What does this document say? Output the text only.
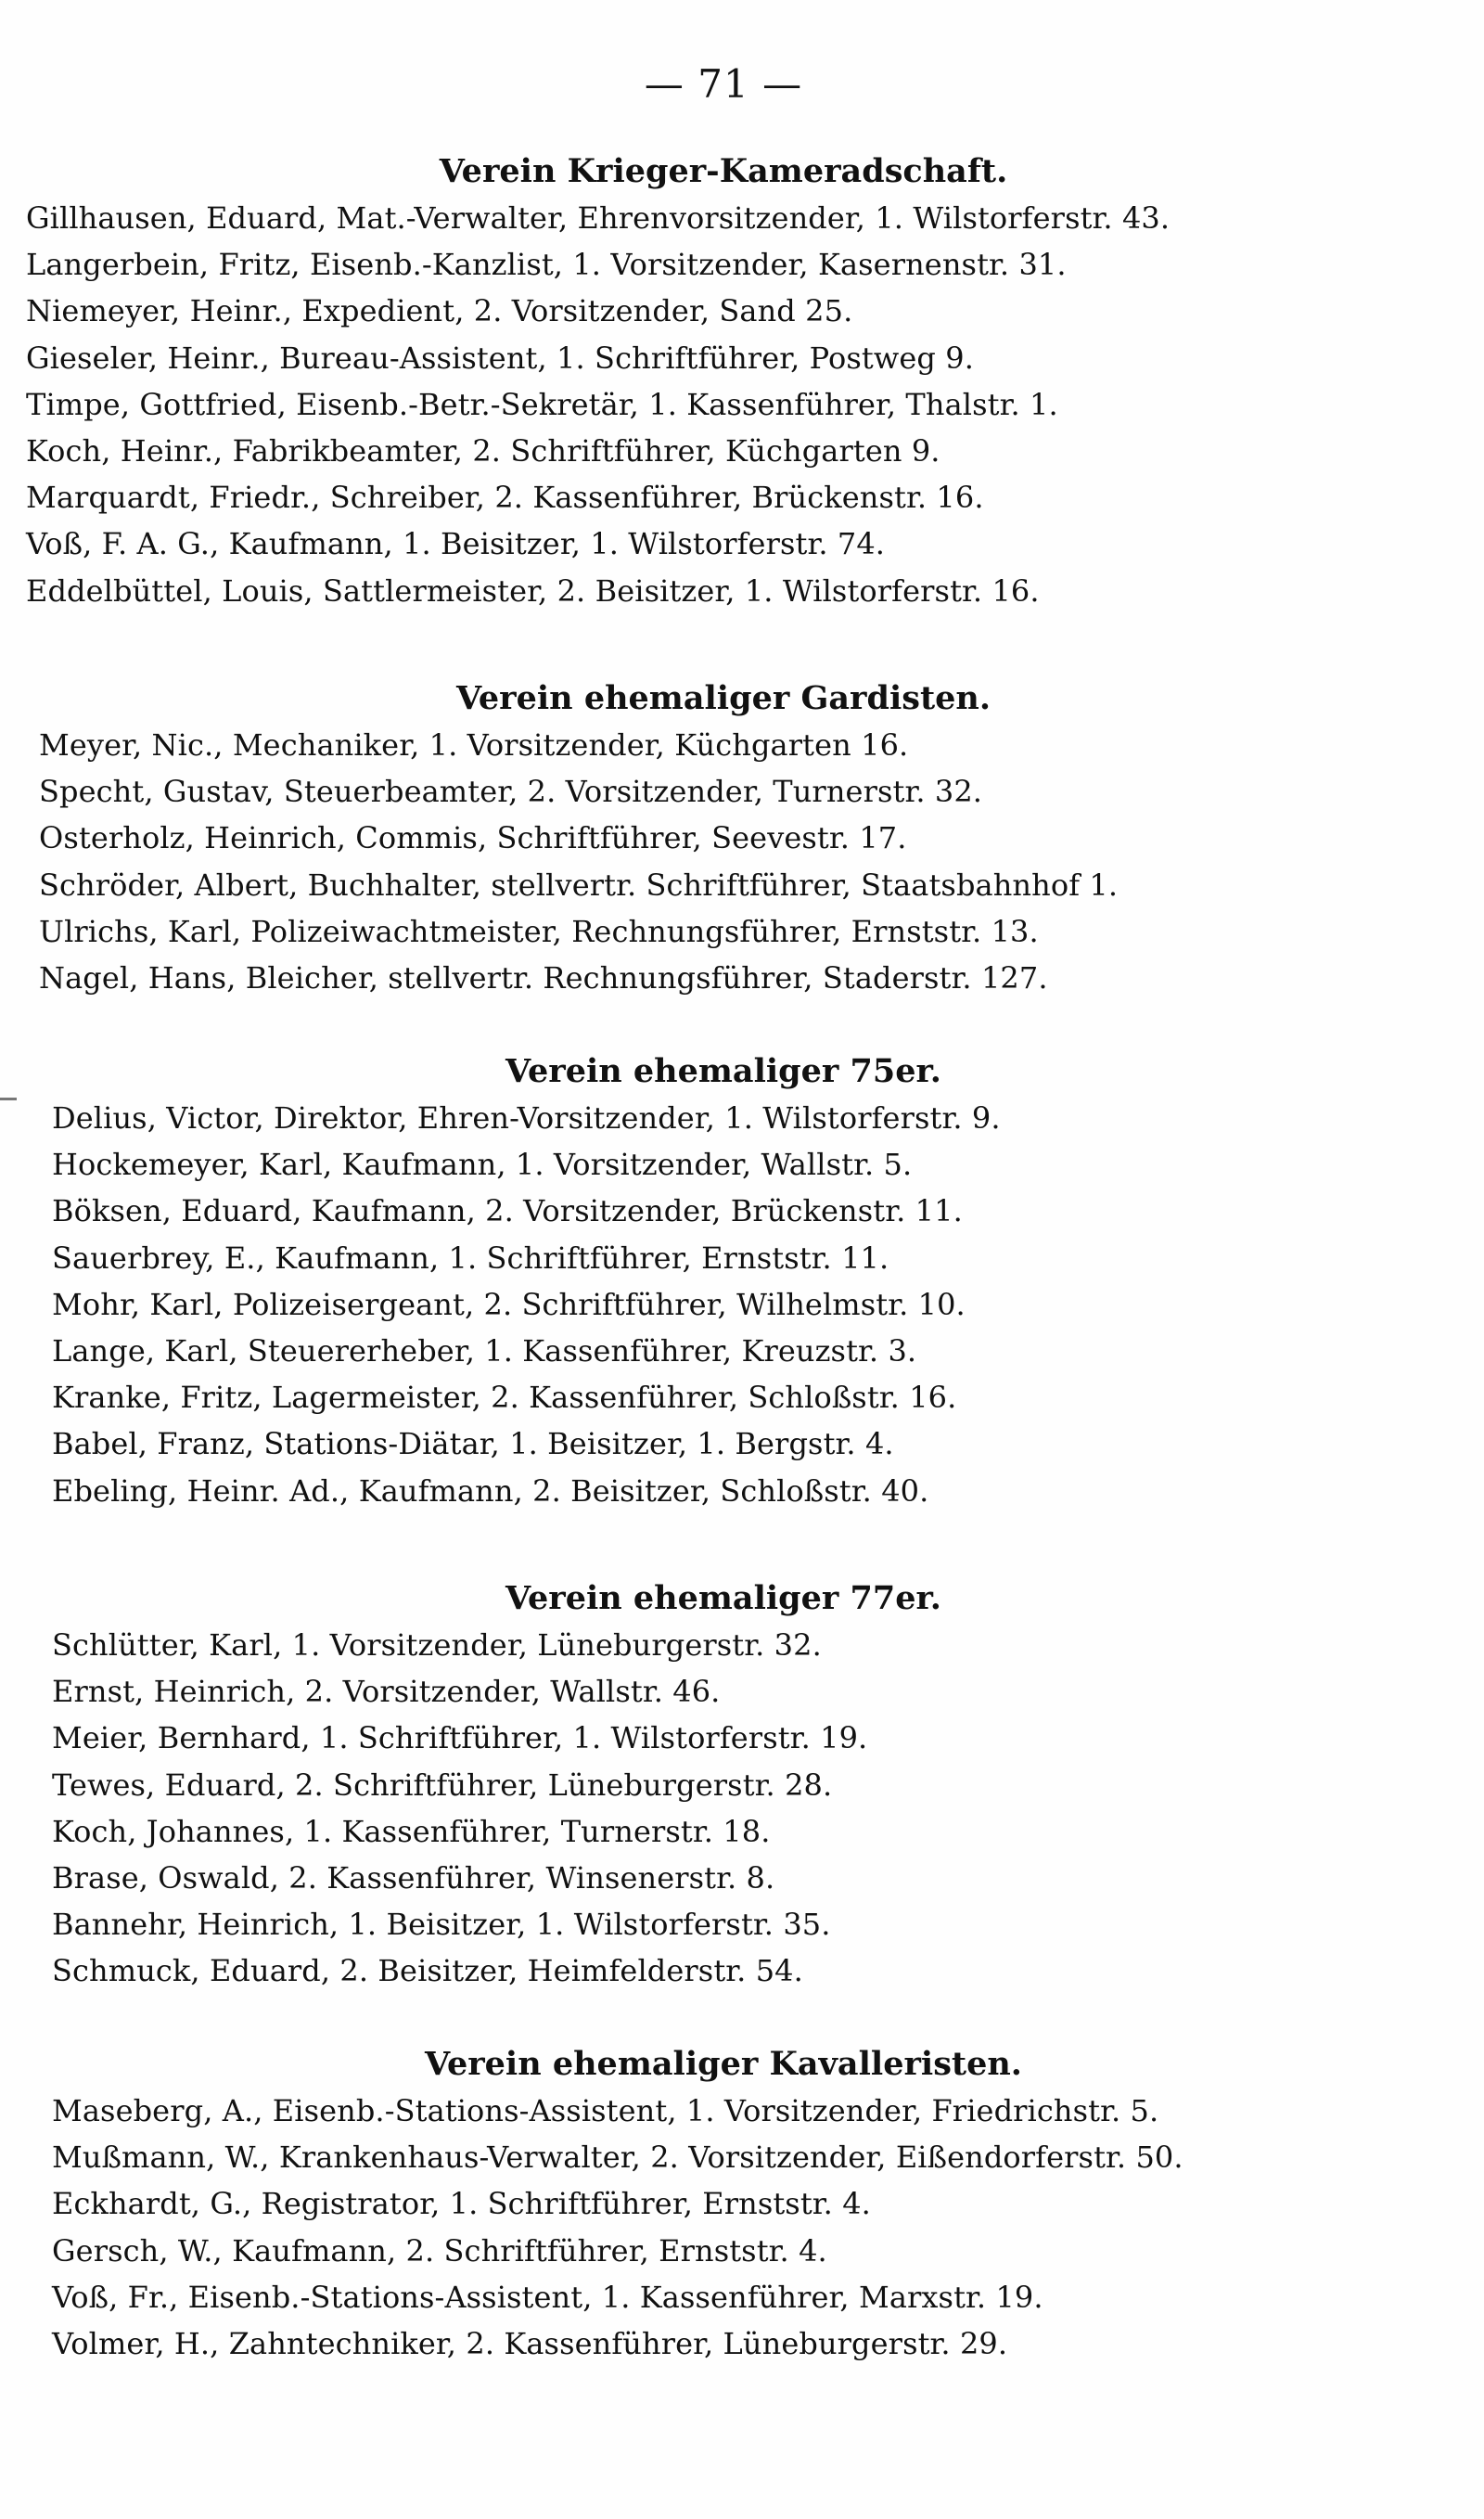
— 71 —
Verein Krieger-Kameradschaft.
Gillhausen, Eduard, Mat.-Verwalter, Ehrenvorsitzender, 1. Wilstorferstr. 43.
Langerbein, Fritz, Eisenb.-Kanzlist, 1. Vorsitzender, Kasernenstr. 31.
Niemeyer, Heinr., Expedient, 2. Vorsitzender, Sand 25.
Gieseler, Heinr., Bureau-Assistent, 1. Schriftführer, Postweg 9.
Timpe, Gottfried, Eisenb.-Betr.-Sekretär, 1. Kassenführer, Thalstr. 1.
Koch, Heinr., Fabrikbeamter, 2. Schriftführer, Küchgarten 9.
Marquardt, Friedr., Schreiber, 2. Kassenführer, Brückenstr. 16.
Voß, F. A. G., Kaufmann, 1. Beisitzer, 1. Wilstorferstr. 74.
Eddelbüttel, Louis, Sattlermeister, 2. Beisitzer, 1. Wilstorferstr. 16.
Verein ehemaliger Gardisten.
Meyer, Nic., Mechaniker, 1. Vorsitzender, Küchgarten 16.
Specht, Gustav, Steuerbeamter, 2. Vorsitzender, Turnerstr. 32.
Osterholz, Heinrich, Commis, Schriftführer, Seevestr. 17.
Schröder, Albert, Buchhalter, stellvertr. Schriftführer, Staatsbahnhof 1.
Ulrichs, Karl, Polizeiwachtmeister, Rechnungsführer, Ernststr. 13.
Nagel, Hans, Bleicher, stellvertr. Rechnungsführer, Staderstr. 127.
Verein ehemaliger 75er.
Delius, Victor, Direktor, Ehren-Vorsitzender, 1. Wilstorferstr. 9.
Hockemeyer, Karl, Kaufmann, 1. Vorsitzender, Wallstr. 5.
Böksen, Eduard, Kaufmann, 2. Vorsitzender, Brückenstr. 11.
Sauerbrey, E., Kaufmann, 1. Schriftführer, Ernststr. 11.
Mohr, Karl, Polizeisergeant, 2. Schriftführer, Wilhelmstr. 10.
Lange, Karl, Steuererheber, 1. Kassenführer, Kreuzstr. 3.
Kranke, Fritz, Lagermeister, 2. Kassenführer, Schloßstr. 16.
Babel, Franz, Stations-Diätar, 1. Beisitzer, 1. Bergstr. 4.
Ebeling, Heinr. Ad., Kaufmann, 2. Beisitzer, Schloßstr. 40.
Verein ehemaliger 77er.
Schlütter, Karl, 1. Vorsitzender, Lüneburgerstr. 32.
Ernst, Heinrich, 2. Vorsitzender, Wallstr. 46.
Meier, Bernhard, 1. Schriftführer, 1. Wilstorferstr. 19.
Tewes, Eduard, 2. Schriftführer, Lüneburgerstr. 28.
Koch, Johannes, 1. Kassenführer, Turnerstr. 18.
Brase, Oswald, 2. Kassenführer, Winsenerstr. 8.
Bannehr, Heinrich, 1. Beisitzer, 1. Wilstorferstr. 35.
Schmuck, Eduard, 2. Beisitzer, Heimfelderstr. 54.
Verein ehemaliger Kavalleristen.
Maseberg, A., Eisenb.-Stations-Assistent, 1. Vorsitzender, Friedrichstr. 5.
Mußmann, W., Krankenhaus-Verwalter, 2. Vorsitzender, Eißendorferstr. 50.
Eckhardt, G., Registrator, 1. Schriftführer, Ernststr. 4.
Gersch, W., Kaufmann, 2. Schriftführer, Ernststr. 4.
Voß, Fr., Eisenb.-Stations-Assistent, 1. Kassenführer, Marxstr. 19.
Volmer, H., Zahntechniker, 2. Kassenführer, Lüneburgerstr. 29.
